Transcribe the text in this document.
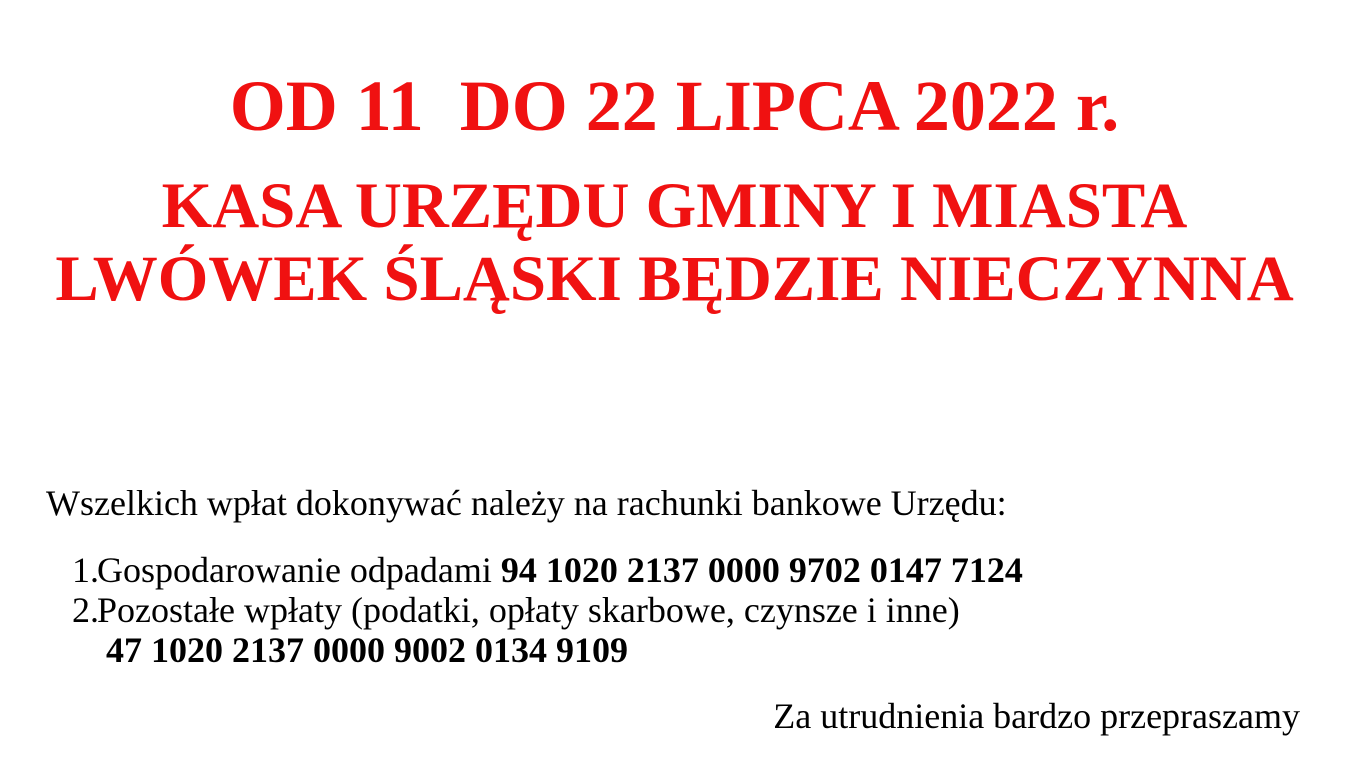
OD 11  DO 22 LIPCA 2022 r.
KASA URZĘDU GMINY I MIASTA
LWÓWEK ŚLĄSKI BĘDZIE NIECZYNNA
Wszelkich wpłat dokonywać należy na rachunki bankowe Urzędu:
1.
Gospodarowanie odpadami 94 1020 2137 0000 9702 0147 7124
2.
Pozostałe wpłaty (podatki, opłaty skarbowe, czynsze i inne)
47 1020 2137 0000 9002 0134 9109
Za utrudnienia bardzo przepraszamy
